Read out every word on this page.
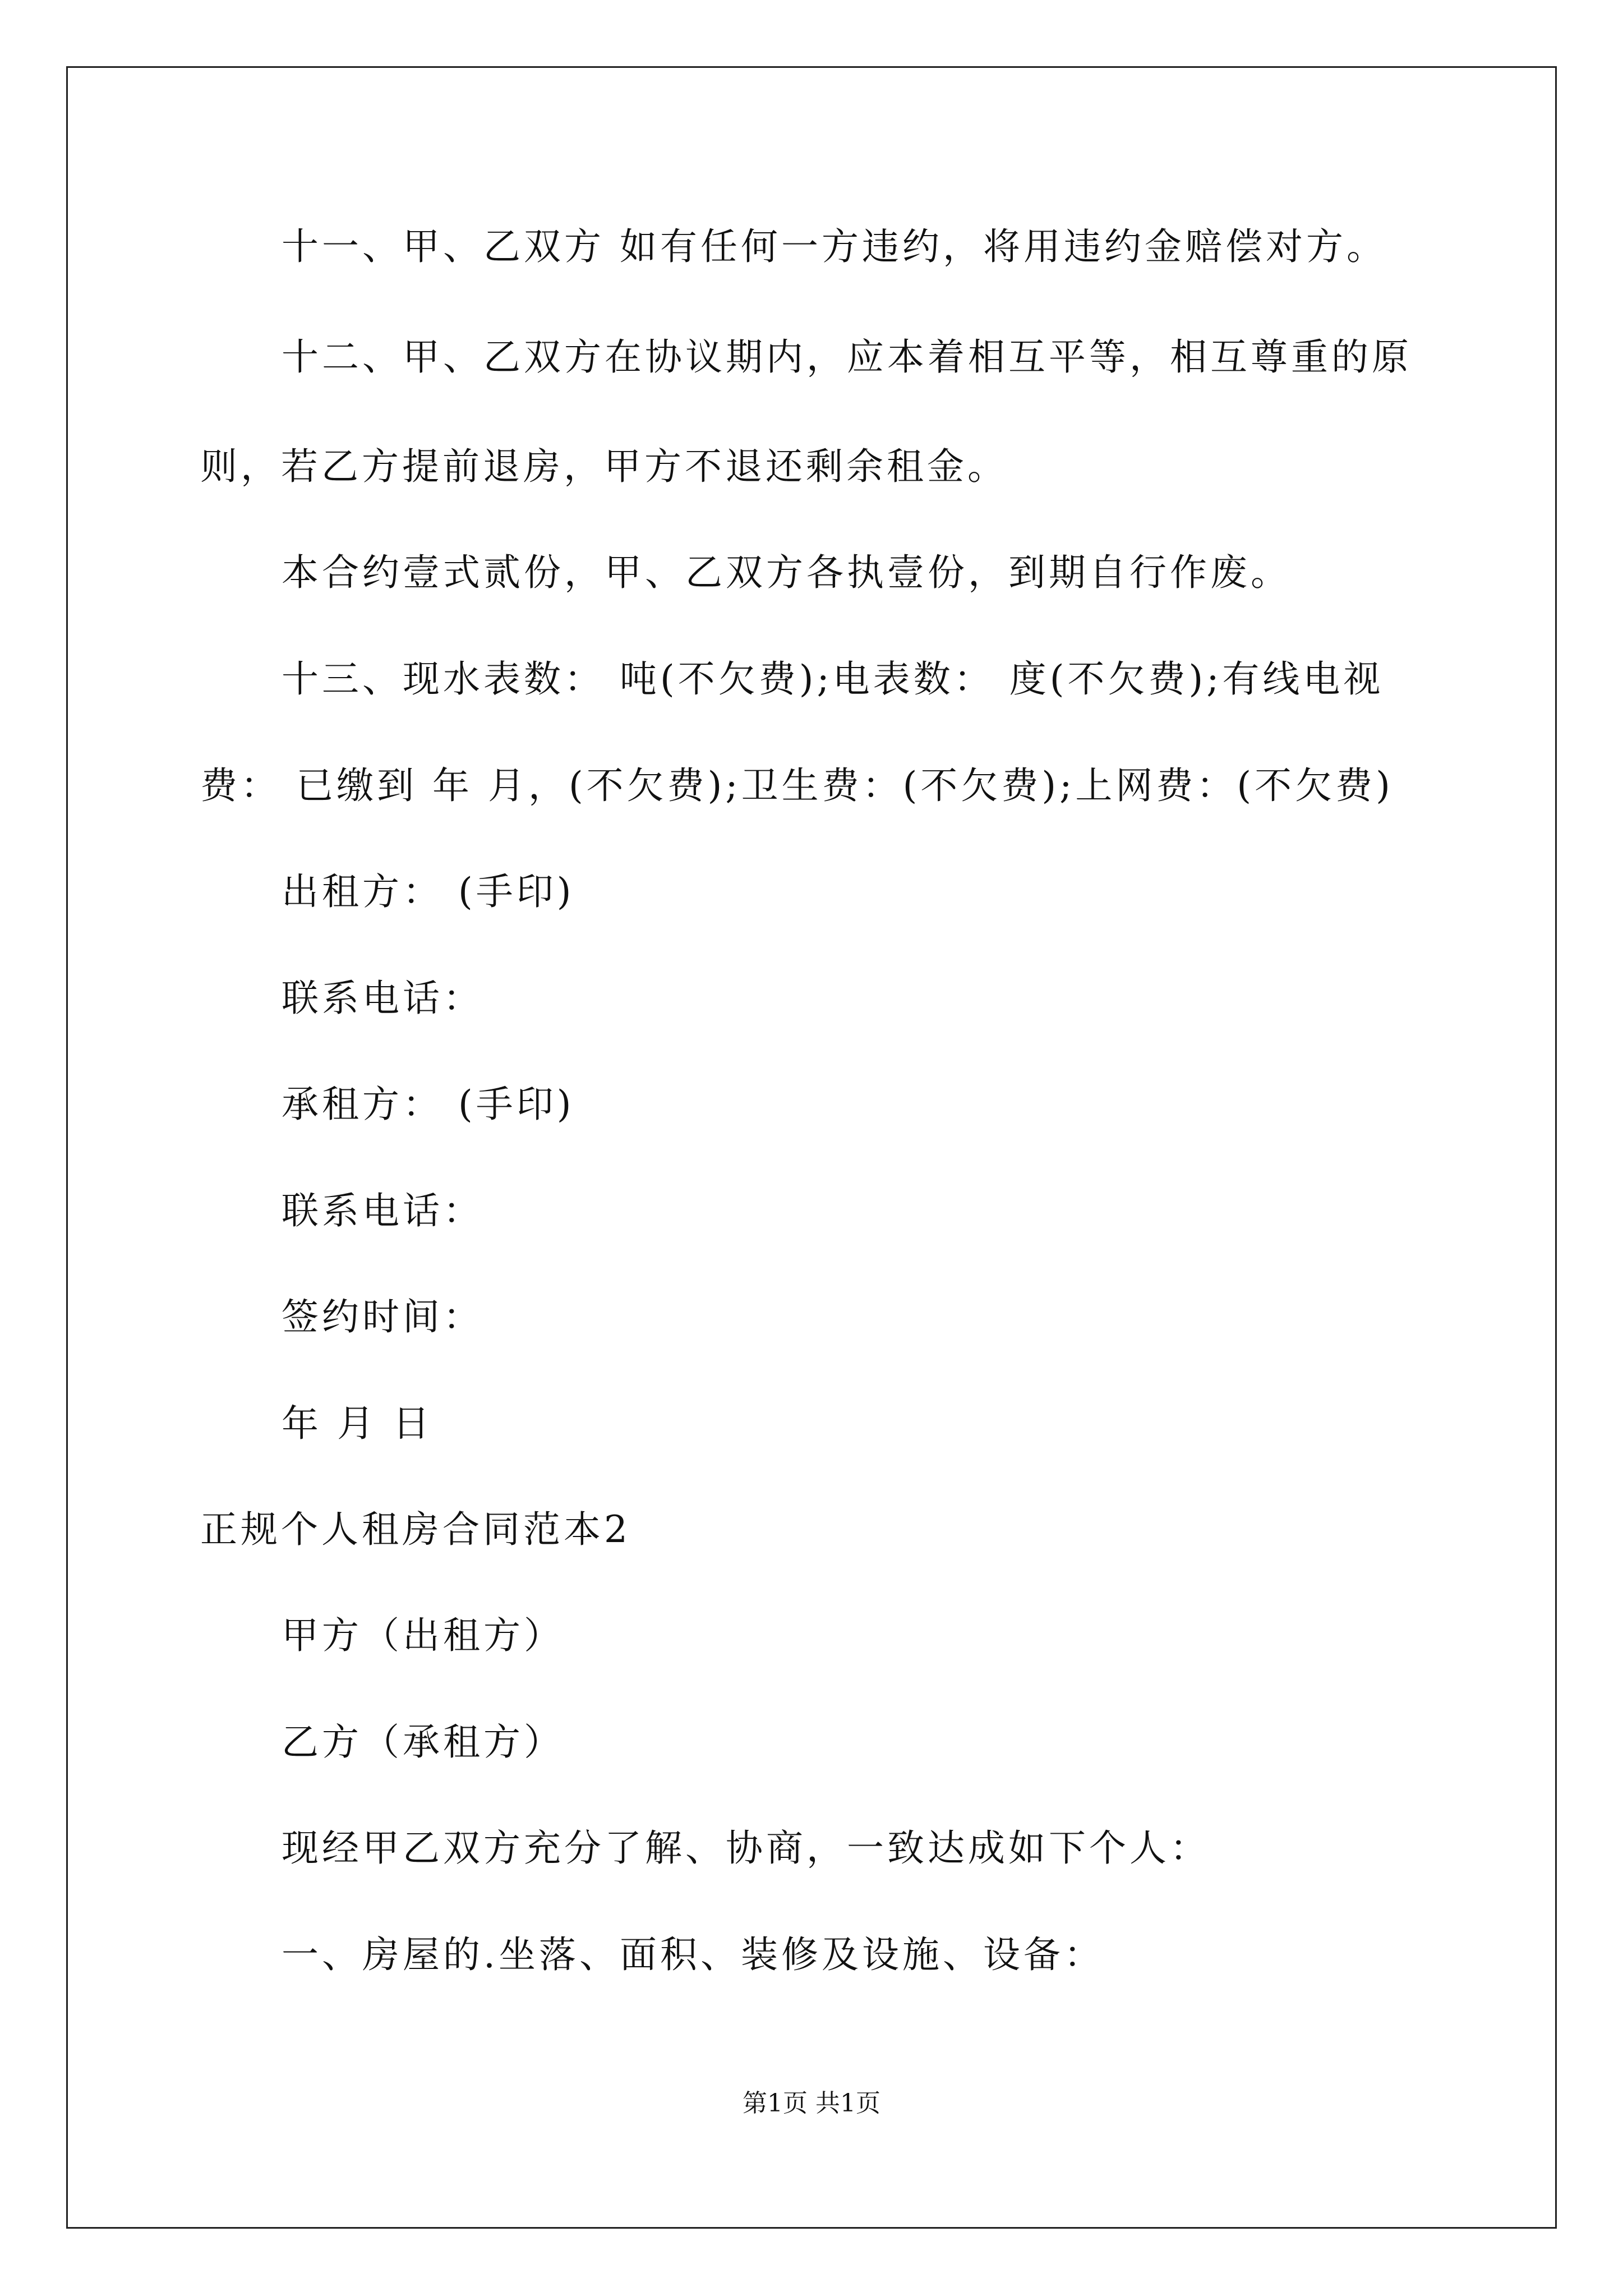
十一、甲、乙双方 如有任何一方违约，将用违约金赔偿对方。
十二、甲、乙双方在协议期内，应本着相互平等，相互尊重的原
则，若乙方提前退房，甲方不退还剩余租金。
本合约壹式贰份，甲、乙双方各执壹份，到期自行作废。
十三、现水表数： 吨(不欠费);电表数： 度(不欠费);有线电视
费： 已缴到 年 月，(不欠费);卫生费：(不欠费);上网费：(不欠费)
出租方： (手印)
联系电话：
承租方： (手印)
联系电话：
签约时间：
年 月 日
正规个人租房合同范本2
甲方（出租方）
乙方（承租方）
现经甲乙双方充分了解、协商，一致达成如下个人：
一、房屋的.坐落、面积、装修及设施、设备：
第1页 共1页
